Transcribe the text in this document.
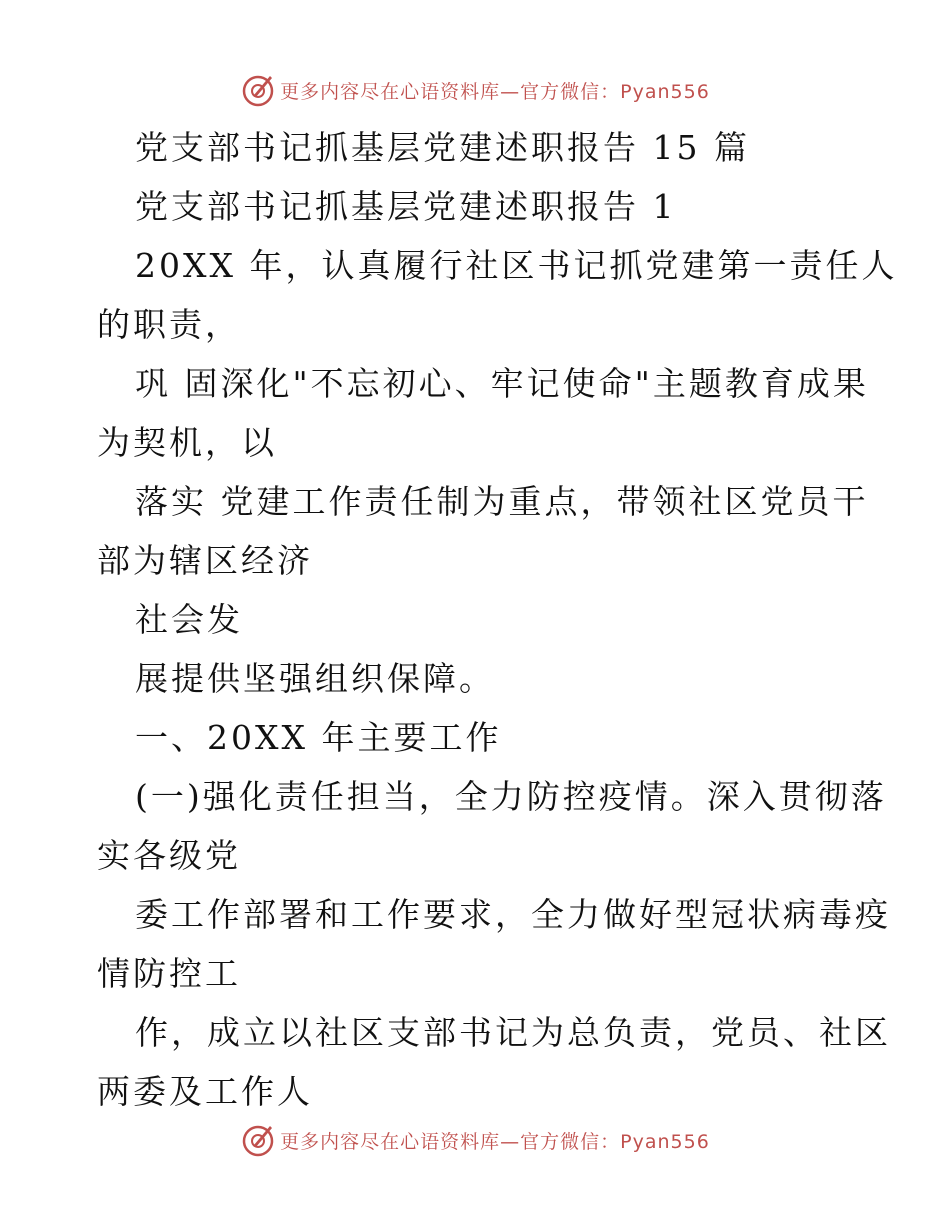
更多内容尽在心语资料库—官方微信：Pyan556

党支部书记抓基层党建述职报告 15 篇

党支部书记抓基层党建述职报告 1

20XX 年，认真履行社区书记抓党建第一责任人

的职责，

巩 固深化"不忘初心、牢记使命"主题教育成果

为契机，以

落实 党建工作责任制为重点，带领社区党员干

部为辖区经济

社会发

展提供坚强组织保障。

一、20XX 年主要工作

(一)强化责任担当，全力防控疫情。深入贯彻落

实各级党

委工作部署和工作要求，全力做好型冠状病毒疫

情防控工

作，成立以社区支部书记为总负责，党员、社区

两委及工作人

更多内容尽在心语资料库—官方微信：Pyan556
